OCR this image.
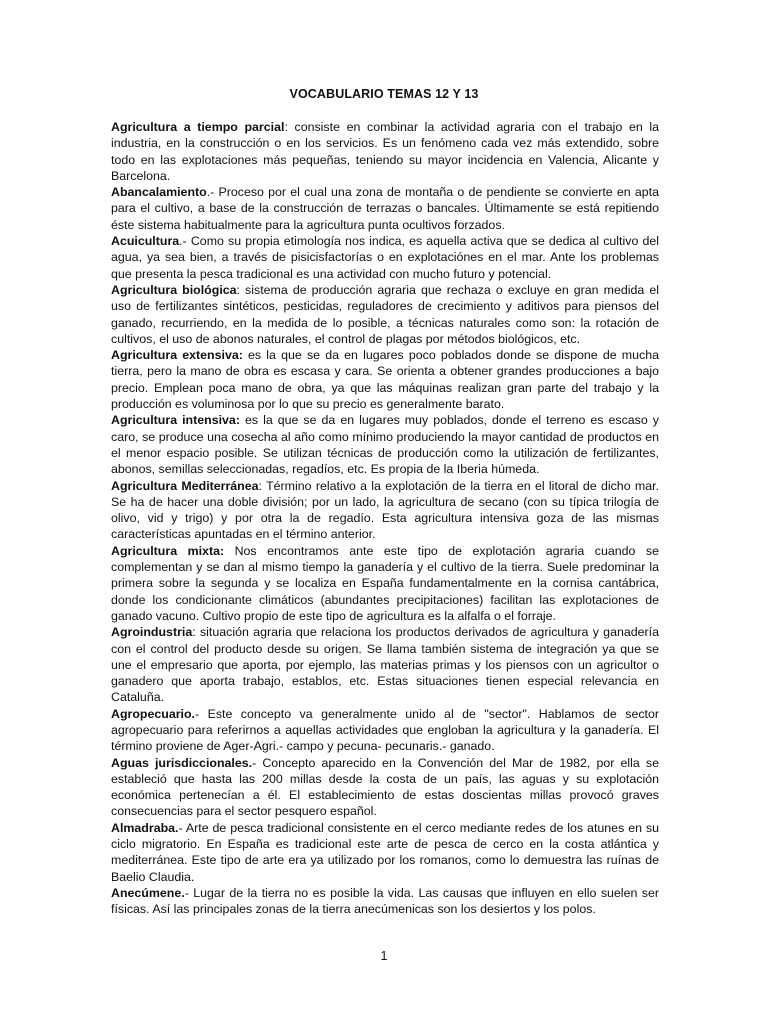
VOCABULARIO TEMAS 12 Y 13

Agricultura a tiempo parcial: consiste en combinar la actividad agraria con el trabajo en la industria, en la construcción o en los servicios. Es un fenómeno cada vez más extendido, sobre todo en las explotaciones más pequeñas, teniendo su mayor incidencia en Valencia, Alicante y Barcelona.

Abancalamiento.- Proceso por el cual una zona de montaña o de pendiente se convierte en apta para el cultivo, a base de la construcción de terrazas o bancales. Últimamente se está repitiendo éste sistema habitualmente para la agricultura punta ocultivos forzados.

Acuicultura.- Como su propia etimología nos indica, es aquella activa que se dedica al cultivo del agua, ya sea bien, a través de pisicisfactorías o en explotaciónes en el mar. Ante los problemas que presenta la pesca tradicional es una actividad con mucho futuro y potencial.

Agricultura biológica: sistema de producción agraria que rechaza o excluye en gran medida el uso de fertilizantes sintéticos, pesticidas, reguladores de crecimiento y aditivos para piensos del ganado, recurriendo, en la medida de lo posible, a técnicas naturales como son: la rotación de cultivos, el uso de abonos naturales, el control de plagas por métodos biológicos, etc.

Agricultura extensiva: es la que se da en lugares poco poblados donde se dispone de mucha tierra, pero la mano de obra es escasa y cara. Se orienta a obtener grandes producciones a bajo precio. Emplean poca mano de obra, ya que las máquinas realizan gran parte del trabajo y la producción es voluminosa por lo que su precio es generalmente barato.

Agricultura intensiva: es la que se da en lugares muy poblados, donde el terreno es escaso y caro, se produce una cosecha al año como mínimo produciendo la mayor cantidad de productos en el menor espacio posible. Se utilizan técnicas de producción como la utilización de fertilizantes, abonos, semillas seleccionadas, regadíos, etc. Es propia de la Iberia húmeda.

Agricultura Mediterránea: Término relativo a la explotación de la tierra en el litoral de dicho mar. Se ha de hacer una doble división; por un lado, la agricultura de secano (con su típica trilogía de olivo, vid y trigo) y por otra la de regadío. Esta agricultura intensiva goza de las mismas características apuntadas en el término anterior.

Agricultura mixta: Nos encontramos ante este tipo de explotación agraria cuando se complementan y se dan al mismo tiempo la ganadería y el cultivo de la tierra. Suele predominar la primera sobre la segunda y se localiza en España fundamentalmente en la cornisa cantábrica, donde los condicionante climáticos (abundantes precipitaciones) facilitan las explotaciones de ganado vacuno. Cultivo propio de este tipo de agricultura es la alfalfa o el forraje.

Agroindustria: situación agraria que relaciona los productos derivados de agricultura y ganadería con el control del producto desde su origen. Se llama también sistema de integración ya que se une el empresario que aporta, por ejemplo, las materias primas y los piensos con un agricultor o ganadero que aporta trabajo, establos, etc. Estas situaciones tienen especial relevancia en Cataluña.

Agropecuario.- Este concepto va generalmente unido al de "sector". Hablamos de sector agropecuario para referirnos a aquellas actividades que engloban la agricultura y la ganadería. El término proviene de Ager-Agri.- campo y pecuna- pecunaris.- ganado.

Aguas jurisdiccionales.- Concepto aparecido en la Convención del Mar de 1982, por ella se estableció que hasta las 200 millas desde la costa de un país, las aguas y su explotación económica pertenecían a él. El establecimiento de estas doscientas millas provocó graves consecuencias para el sector pesquero español.

Almadraba.- Arte de pesca tradicional consistente en el cerco mediante redes de los atunes en su ciclo migratorio. En España es tradicional este arte de pesca de cerco en la costa atlántica y mediterránea. Este tipo de arte era ya utilizado por los romanos, como lo demuestra las ruínas de Baelio Claudia.

Anecúmene.- Lugar de la tierra no es posible la vida. Las causas que influyen en ello suelen ser físicas. Así las principales zonas de la tierra anecúmenicas son los desiertos y los polos.

1
